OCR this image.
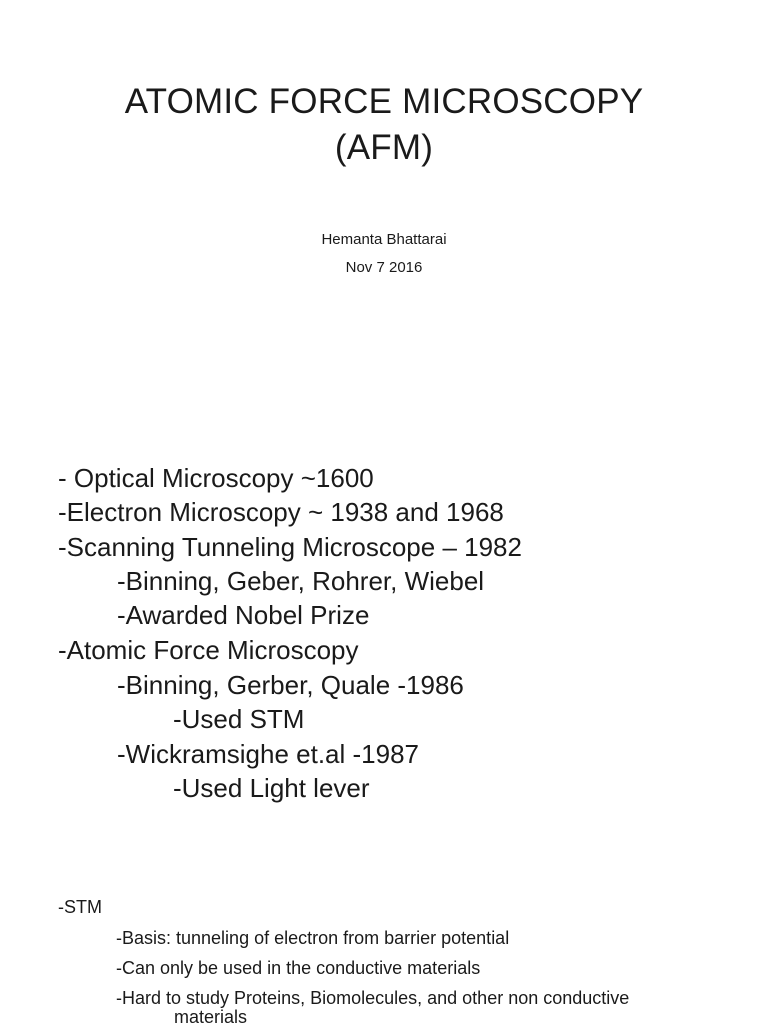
ATOMIC FORCE MICROSCOPY
(AFM)
Hemanta Bhattarai
Nov 7 2016
- Optical Microscopy ~1600
-Electron Microscopy ~ 1938 and 1968
-Scanning Tunneling Microscope – 1982
-Binning, Geber, Rohrer, Wiebel
-Awarded Nobel Prize
-Atomic Force Microscopy
-Binning, Gerber, Quale -1986
-Used STM
-Wickramsighe et.al -1987
-Used Light lever
-STM
-Basis: tunneling of electron from barrier potential
-Can only be used in the conductive materials
-Hard to study Proteins, Biomolecules, and other non conductive
materials
